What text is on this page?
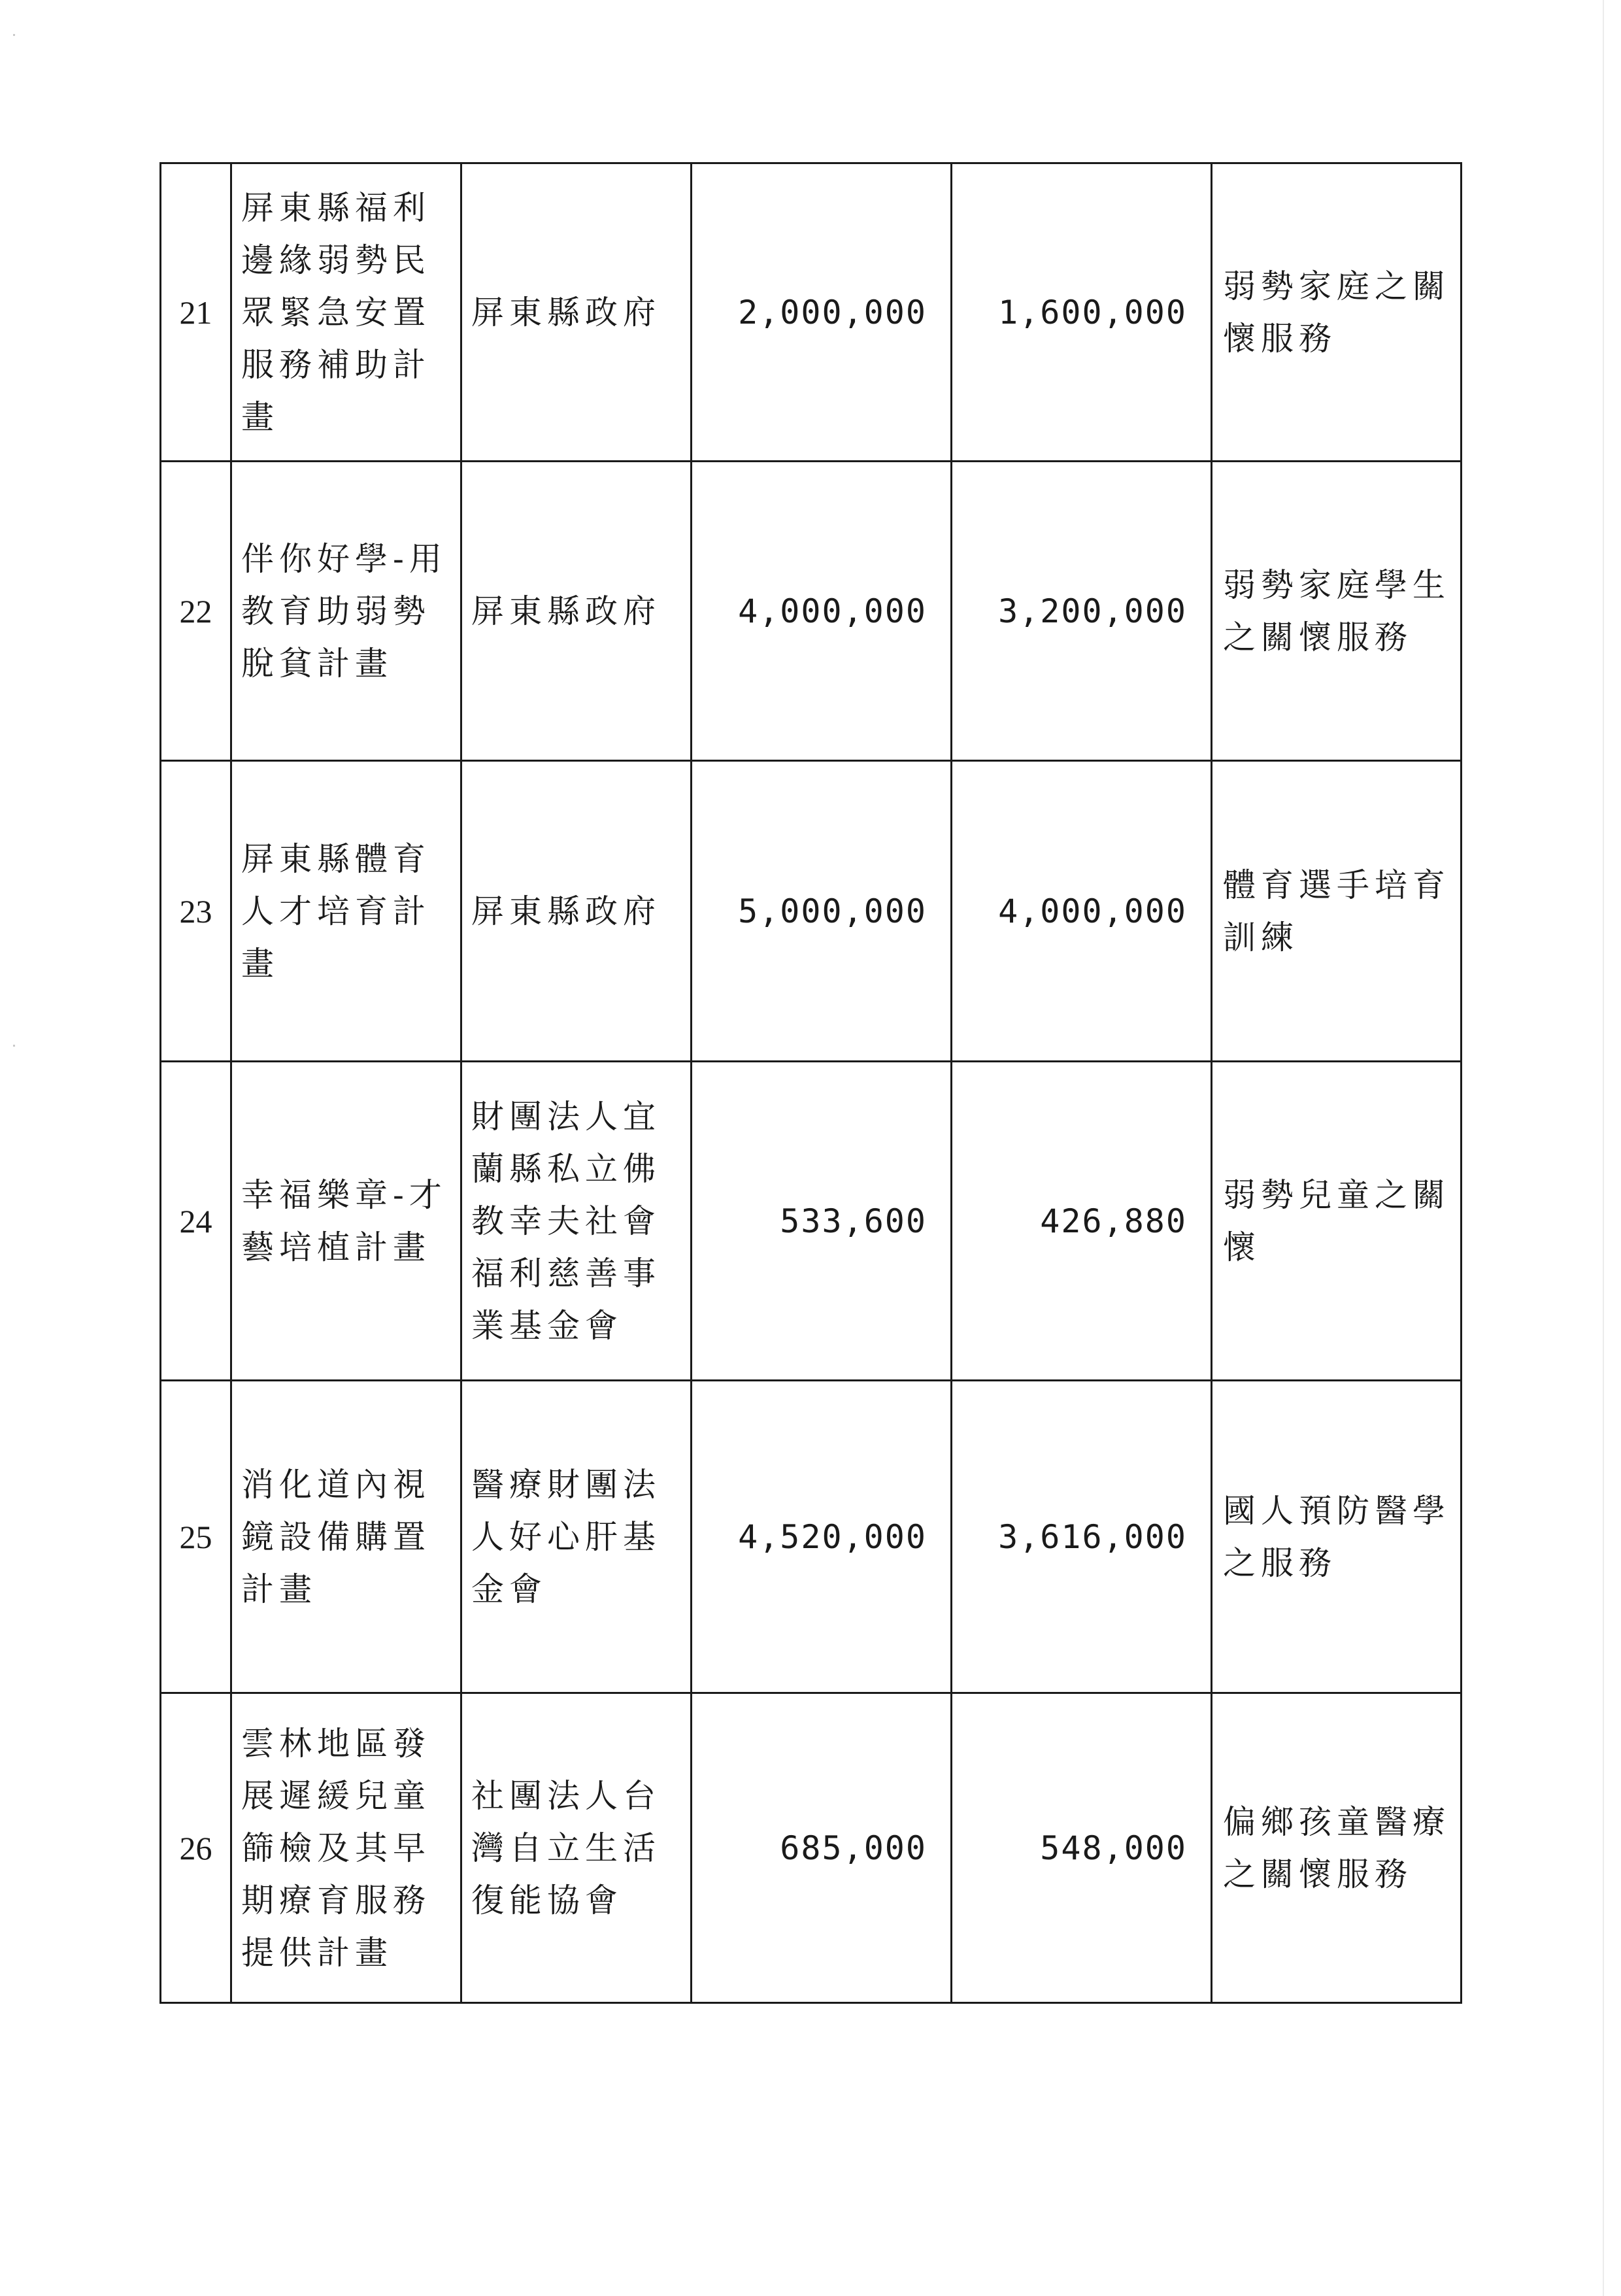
21	屏東縣福利
邊緣弱勢民
眾緊急安置
服務補助計
畫	屏東縣政府	2,000,000	1,600,000	弱勢家庭之關
懷服務

22	伴你好學-用
教育助弱勢
脫貧計畫	屏東縣政府	4,000,000	3,200,000	弱勢家庭學生
之關懷服務

23	屏東縣體育
人才培育計
畫	屏東縣政府	5,000,000	4,000,000	體育選手培育
訓練

24	幸福樂章-才
藝培植計畫	財團法人宜
蘭縣私立佛
教幸夫社會
福利慈善事
業基金會	533,600	426,880	弱勢兒童之關
懷

25	消化道內視
鏡設備購置
計畫	醫療財團法
人好心肝基
金會	4,520,000	3,616,000	國人預防醫學
之服務

26	雲林地區發
展遲緩兒童
篩檢及其早
期療育服務
提供計畫	社團法人台
灣自立生活
復能協會	685,000	548,000	偏鄉孩童醫療
之關懷服務
